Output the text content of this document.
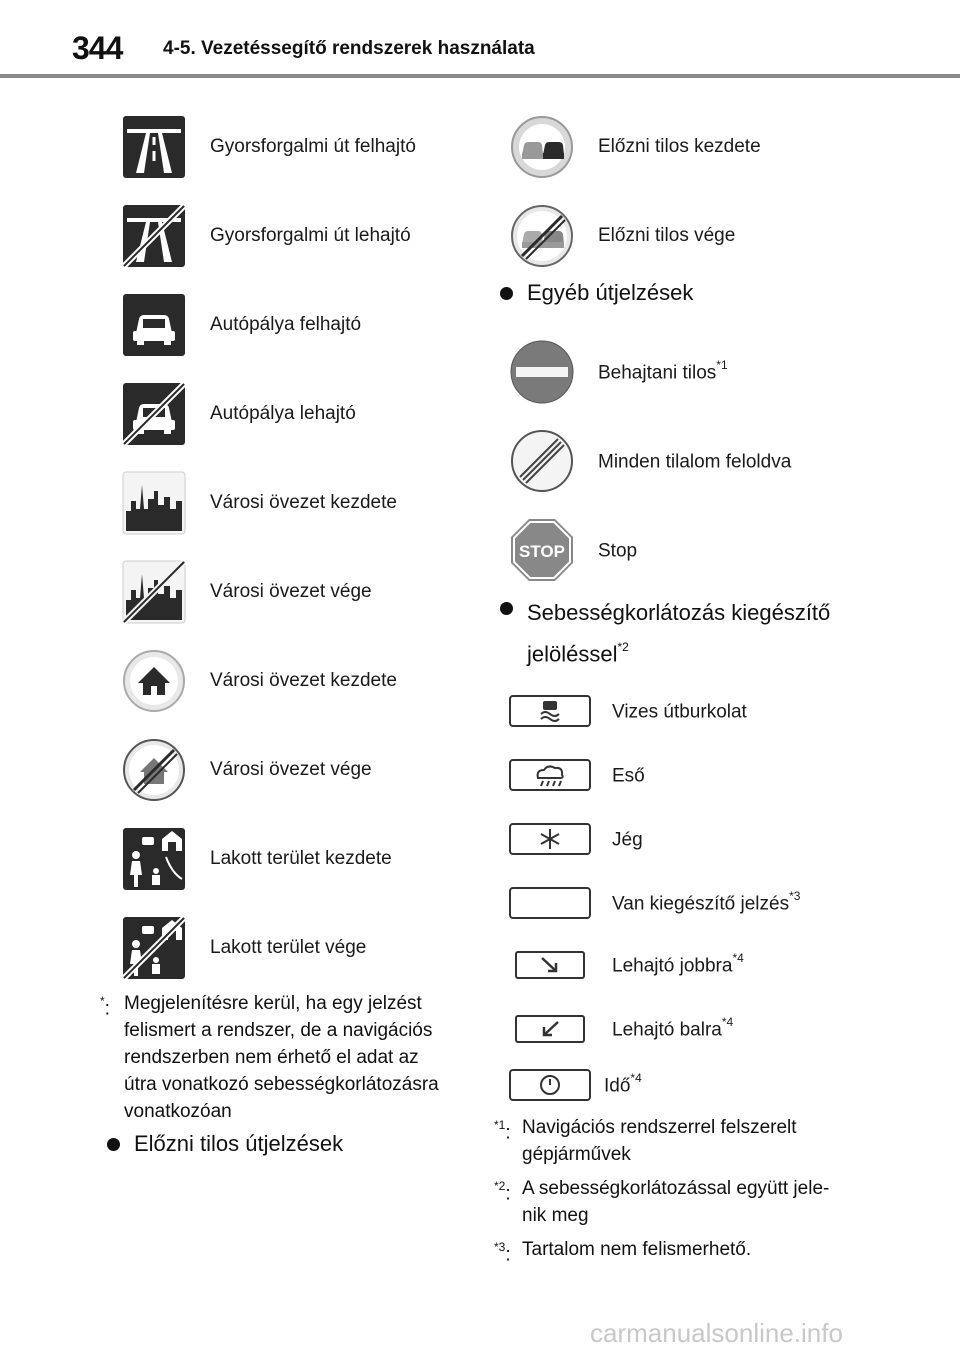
344 4-5. Vezetéssegítő rendszerek használata
Gyorsforgalmi út felhajtó
Gyorsforgalmi út lehajtó
Autópálya felhajtó
Autópálya lehajtó
Városi övezet kezdete
Városi övezet vége
Városi övezet kezdete
Városi övezet vége
Lakott terület kezdete
Lakott terület vége
*: Megjelenítésre kerül, ha egy jelzést
felismert a rendszer, de a navigációs
rendszerben nem érhető el adat az
útra vonatkozó sebességkorlátozásra
vonatkozóan
Előzni tilos útjelzések
Előzni tilos kezdete
Előzni tilos vége
Egyéb útjelzések
Behajtani tilos$^{*1}$
Minden tilalom feloldva
STOP Stop
Sebességkorlátozás kiegészítő
jelöléssel$^{*2}$
Vizes útburkolat
Eső
Jég
Van kiegészítő jelzés$^{*3}$
Lehajtó jobbra$^{*4}$
Lehajtó balra$^{*4}$
Idő$^{*4}$
$^{*1}$: Navigációs rendszerrel felszerelt
gépjárművek
$^{*2}$: A sebességkorlátozással együtt jele-
nik meg
$^{*3}$: Tartalom nem felismerhető.
carmanualsonline.info
